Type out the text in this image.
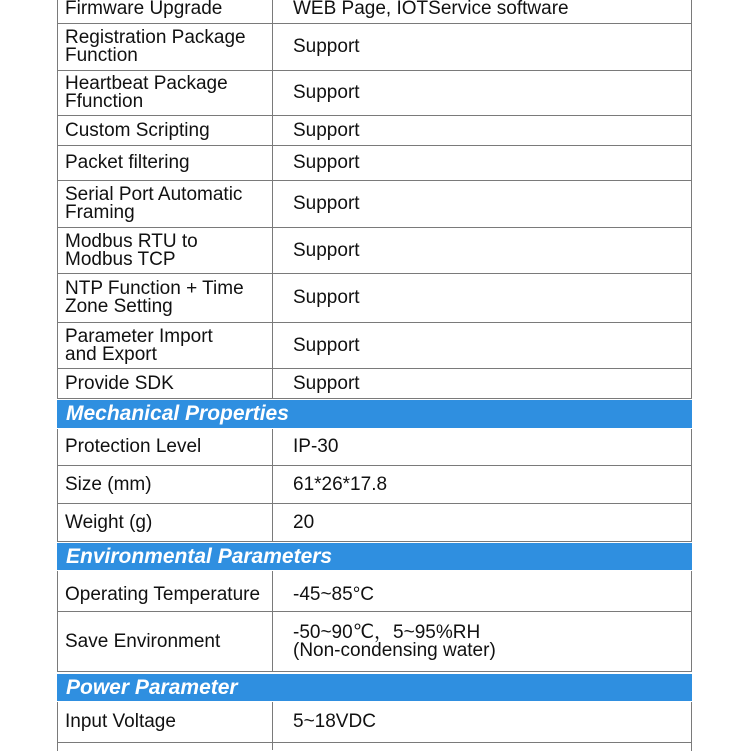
Firmware Upgrade	WEB Page, IOTService software
Registration Package
Function	Support
Heartbeat Package
Ffunction	Support
Custom Scripting	Support
Packet filtering	Support
Serial Port Automatic
Framing	Support
Modbus RTU to
Modbus TCP	Support
NTP Function + Time
Zone Setting	Support
Parameter Import
and Export	Support
Provide SDK	Support
Mechanical Properties
Protection Level	IP-30
Size (mm)	61*26*17.8
Weight (g)	20
Environmental Parameters
Operating Temperature	-45~85°C
Save Environment	-50~90℃，5~95%RH
(Non-condensing water)
Power Parameter
Input Voltage	5~18VDC
